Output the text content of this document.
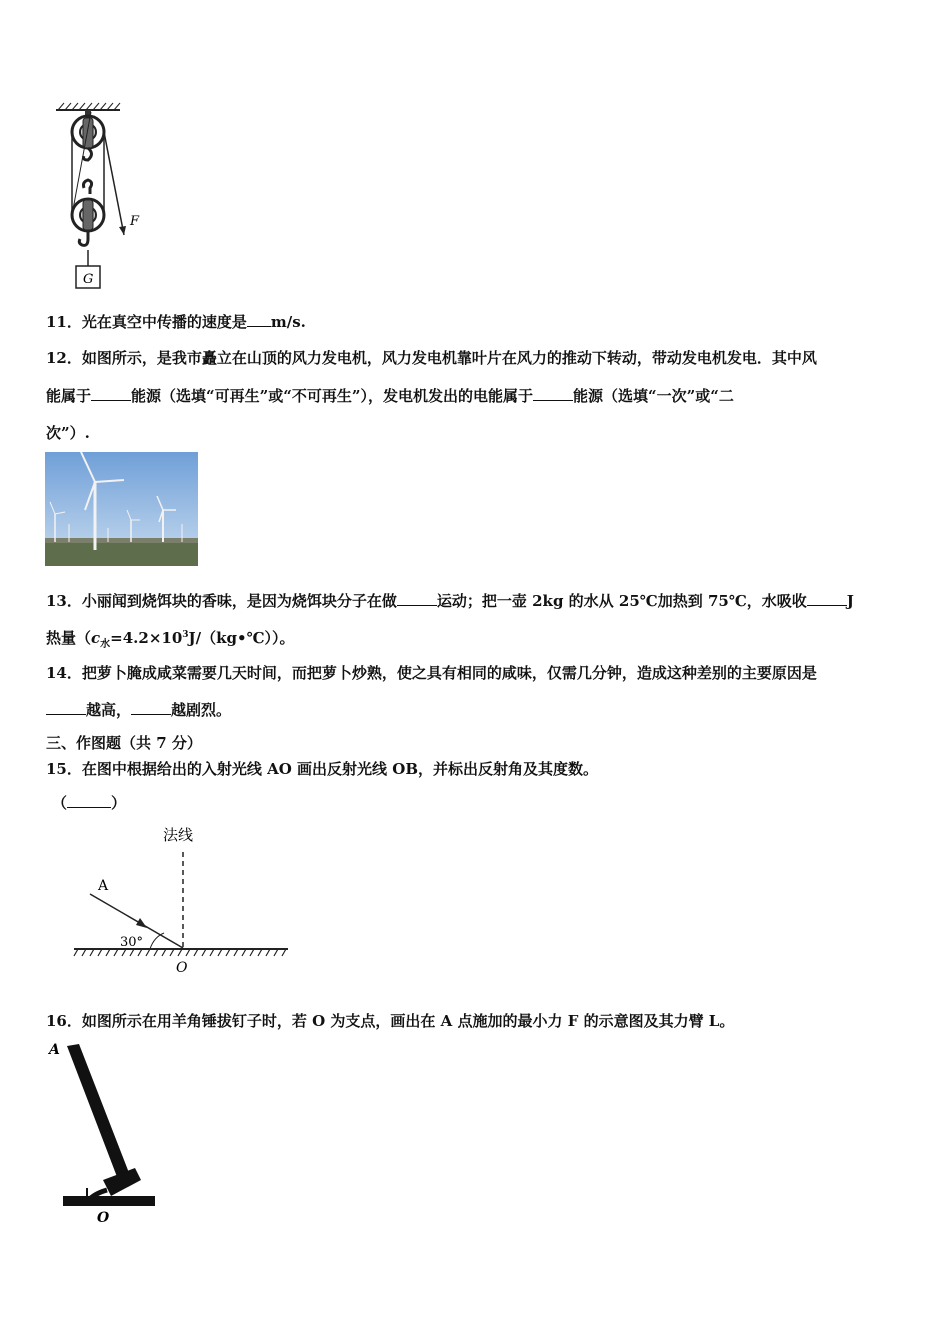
F
G
11．光在真空中传播的速度是 m/s.
12．如图所示，是我市矗立在山顶的风力发电机，风力发电机靠叶片在风力的推动下转动，带动发电机发电．其中风
能属于	能源（选填“可再生”或“不可再生”），发电机发出的电能属于	能源（选填“一次”或“二
次”）.
13．小丽闻到烧饵块的香味，是因为烧饵块分子在做	运动；把一壶 2kg 的水从 25℃加热到 75℃，水吸收	J
热量$(c_水=4.2\times 10^3J/(kg•℃))$。
14．把萝卜腌成咸菜需要几天时间，而把萝卜炒熟，使之具有相同的咸味，仅需几分钟，造成这种差别的主要原因是
越高，	越剧烈。
三、作图题（共 7 分）
15．在图中根据给出的入射光线 AO 画出反射光线 OB，并标出反射角及其度数。
（	）
法线
A
30°
O
16．如图所示在用羊角锤拔钉子时，若 O 为支点，画出在 A 点施加的最小力 F 的示意图及其力臂 L。
A
O
